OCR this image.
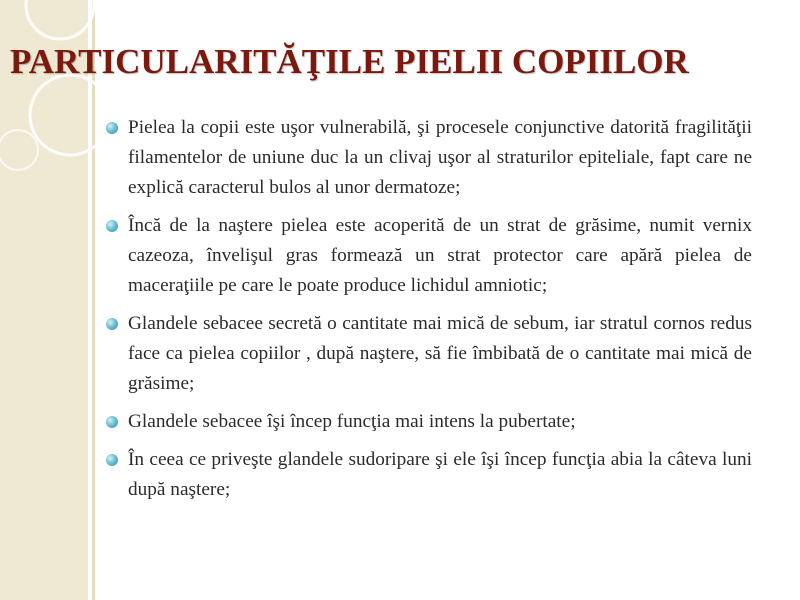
PARTICULARITĂŢILE PIELII COPIILOR
Pielea la copii este uşor vulnerabilă, şi procesele conjunctive datorită fragilităţii filamentelor de uniune duc la un clivaj uşor al straturilor epiteliale, fapt care ne explică caracterul bulos al unor dermatoze;
Încă de la naştere pielea este acoperită de un strat de grăsime, numit vernix cazeoza, învelişul gras formează un strat protector care apără pielea de maceraţiile pe care le poate produce lichidul amniotic;
Glandele sebacee secretă o cantitate mai mică de sebum, iar stratul cornos redus face ca pielea copiilor , după naştere, să fie îmbibată de o cantitate mai mică de grăsime;
Glandele sebacee îşi încep funcţia mai intens la pubertate;
În ceea ce priveşte glandele sudoripare şi ele îşi încep funcţia abia la câteva luni după naştere;
